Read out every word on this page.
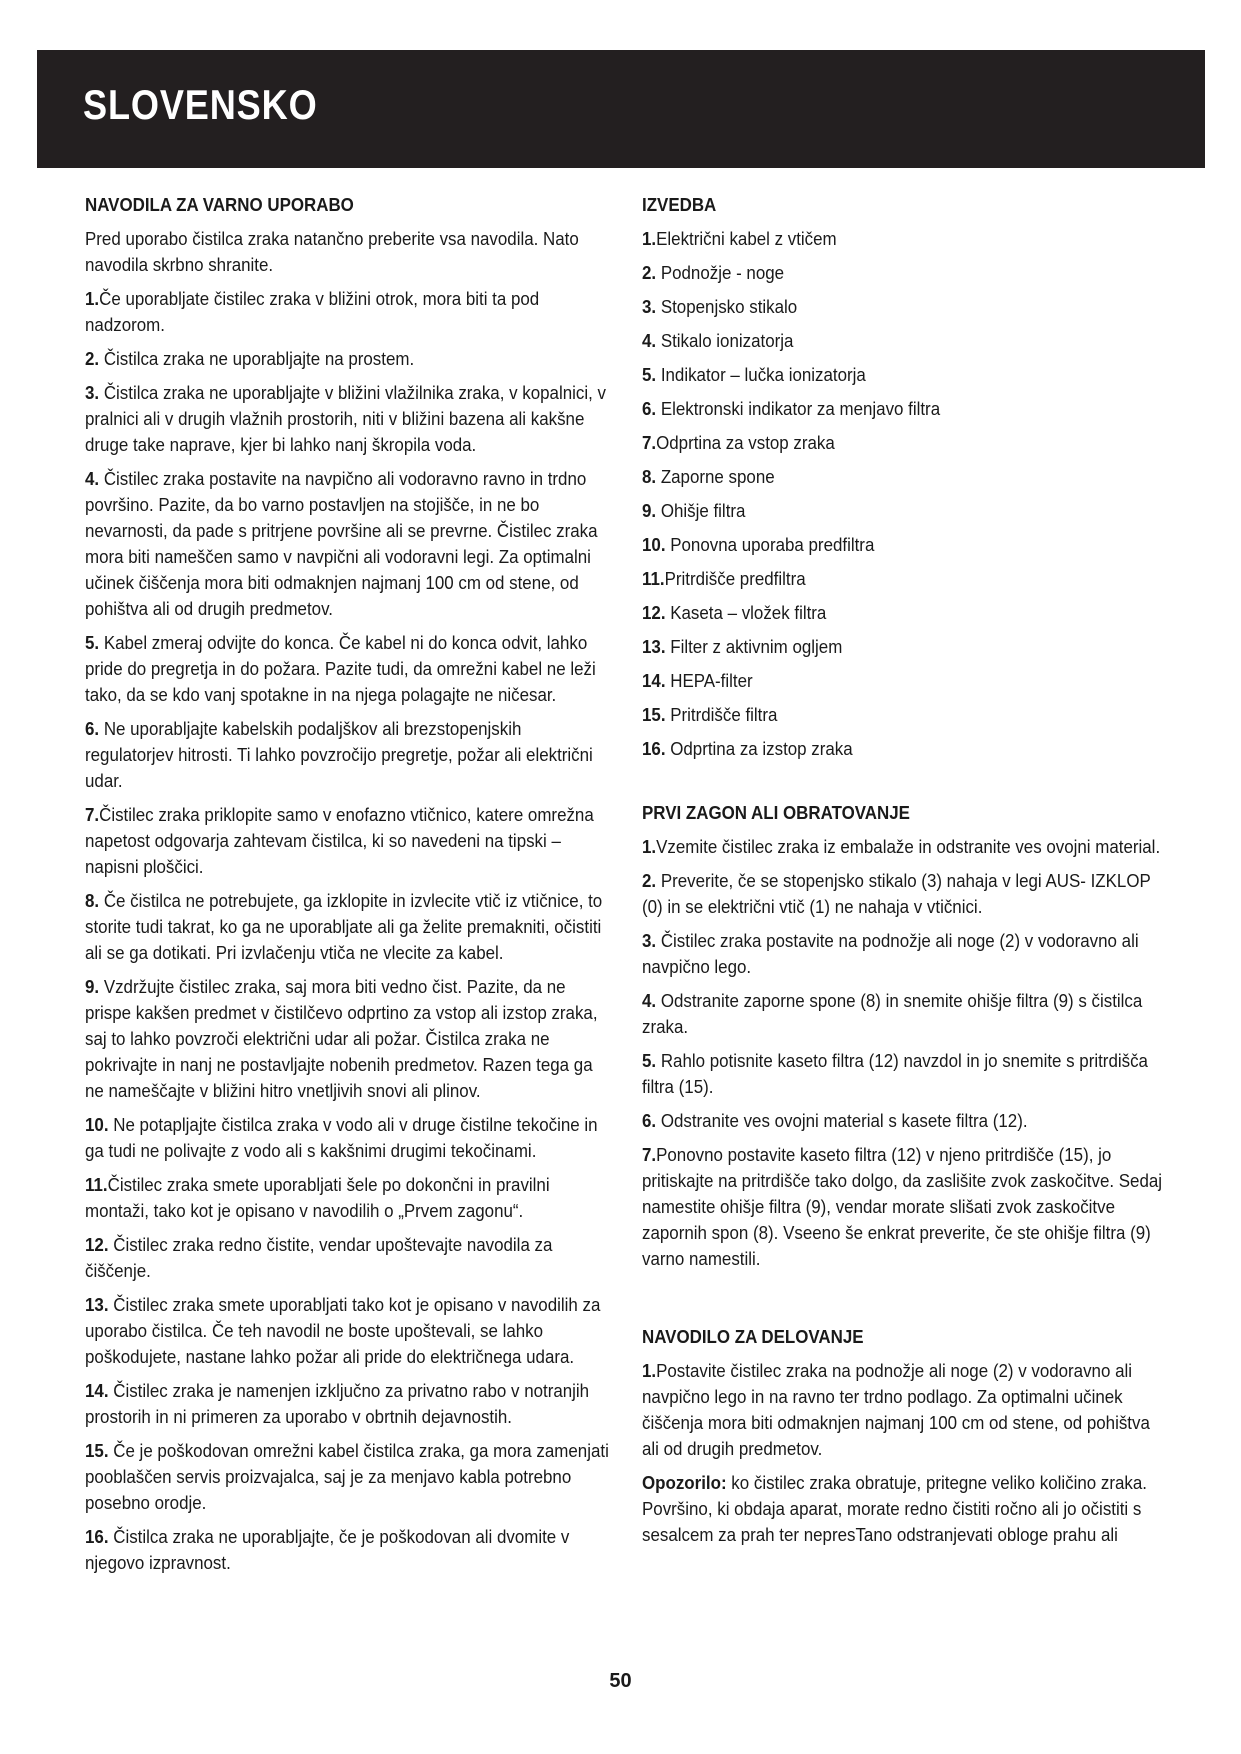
SLOVENSKO
NAVODILA ZA VARNO UPORABO

Pred uporabo čistilca zraka natančno preberite vsa navodila. Nato navodila skrbno shranite.

1.Če uporabljate čistilec zraka v bližini otrok, mora biti ta pod nadzorom.
2. Čistilca zraka ne uporabljajte na prostem.
3. Čistilca zraka ne uporabljajte v bližini vlažilnika zraka, v kopalnici, v pralnici ali v drugih vlažnih prostorih, niti v bližini bazena ali kakšne druge take naprave, kjer bi lahko nanj škropila voda.
4. Čistilec zraka postavite na navpično ali vodoravno ravno in trdno površino. Pazite, da bo varno postavljen na stojišče, in ne bo nevarnosti, da pade s pritrjene površine ali se prevrne. Čistilec zraka mora biti nameščen samo v navpični ali vodoravni legi. Za optimalni učinek čiščenja mora biti odmaknjen najmanj 100 cm od stene, od pohištva ali od drugih predmetov.
5. Kabel zmeraj odvijte do konca. Če kabel ni do konca odvit, lahko pride do pregretja in do požara. Pazite tudi, da omrežni kabel ne leži tako, da se kdo vanj spotakne in na njega polagajte ne ničesar.
6. Ne uporabljajte kabelskih podaljškov ali brezstopenjskih regulatorjev hitrosti. Ti lahko povzročijo pregretje, požar ali električni udar.
7.Čistilec zraka priklopite samo v enofazno vtičnico, katere omrežna napetost odgovarja zahtevam čistilca, ki so navedeni na tipski –napisni ploščici.
8. Če čistilca ne potrebujete, ga izklopite in izvlecite vtič iz vtičnice, to storite tudi takrat, ko ga ne uporabljate ali ga želite premakniti, očistiti ali se ga dotikati. Pri izvlačenju vtiča ne vlecite za kabel.
9. Vzdržujte čistilec zraka, saj mora biti vedno čist. Pazite, da ne prispe kakšen predmet v čistilčevo odprtino za vstop ali izstop zraka, saj to lahko povzroči električni udar ali požar. Čistilca zraka ne pokrivajte in nanj ne postavljajte nobenih predmetov. Razen tega ga ne nameščajte v bližini hitro vnetljivih snovi ali plinov.
10. Ne potapljajte čistilca zraka v vodo ali v druge čistilne tekočine in ga tudi ne polivajte z vodo ali s kakšnimi drugimi tekočinami.
11.Čistilec zraka smete uporabljati šele po dokončni in pravilni montaži, tako kot je opisano v navodilih o „Prvem zagonu“.
12. Čistilec zraka redno čistite, vendar upoštevajte navodila za čiščenje.
13. Čistilec zraka smete uporabljati tako kot je opisano v navodilih za uporabo čistilca. Če teh navodil ne boste upoštevali, se lahko poškodujete, nastane lahko požar ali pride do električnega udara.
14. Čistilec zraka je namenjen izključno za privatno rabo v notranjih prostorih in ni primeren za uporabo v obrtnih dejavnostih.
15. Če je poškodovan omrežni kabel čistilca zraka, ga mora zamenjati pooblaščen servis proizvajalca, saj je za menjavo kabla potrebno posebno orodje.
16. Čistilca zraka ne uporabljajte, če je poškodovan ali dvomite v njegovo izpravnost.
IZVEDBA
1.Električni kabel z vtičem
2. Podnožje - noge
3. Stopenjsko stikalo
4. Stikalo ionizatorja
5. Indikator – lučka ionizatorja
6. Elektronski indikator za menjavo filtra
7.Odprtina za vstop zraka
8. Zaporne spone
9. Ohišje filtra
10. Ponovna uporaba predfiltra
11.Pritrdišče predfiltra
12. Kaseta – vložek filtra
13. Filter z aktivnim ogljem
14. HEPA-filter
15. Pritrdišče filtra
16. Odprtina za izstop zraka
PRVI ZAGON ALI OBRATOVANJE
1.Vzemite čistilec zraka iz embalaže in odstranite ves ovojni material.
2. Preverite, če se stopenjsko stikalo (3) nahaja v legi AUS- IZKLOP (0) in se električni vtič (1) ne nahaja v vtičnici.
3. Čistilec zraka postavite na podnožje ali noge (2) v vodoravno ali navpično lego.
4. Odstranite zaporne spone (8) in snemite ohišje filtra (9) s čistilca zraka.
5. Rahlo potisnite kaseto filtra (12) navzdol in jo snemite s pritrdišča filtra (15).
6. Odstranite ves ovojni material s kasete filtra (12).
7.Ponovno postavite kaseto filtra (12) v njeno pritrdišče (15), jo pritiskajte na pritrdišče tako dolgo, da zaslišite zvok zaskočitve. Sedaj namestite ohišje filtra (9), vendar morate slišati zvok zaskočitve zapornih spon (8). Vseeno še enkrat preverite, če ste ohišje filtra (9) varno namestili.
NAVODILO ZA DELOVANJE
1.Postavite čistilec zraka na podnožje ali noge (2) v vodoravno ali navpično lego in na ravno ter trdno podlago. Za optimalni učinek čiščenja mora biti odmaknjen najmanj 100 cm od stene, od pohištva ali od drugih predmetov.

Opozorilo: ko čistilec zraka obratuje, pritegne veliko količino zraka. Površino, ki obdaja aparat, morate redno čistiti ročno ali jo očistiti s sesalcem za prah ter nepresTano odstranjevati obloge prahu ali

50
